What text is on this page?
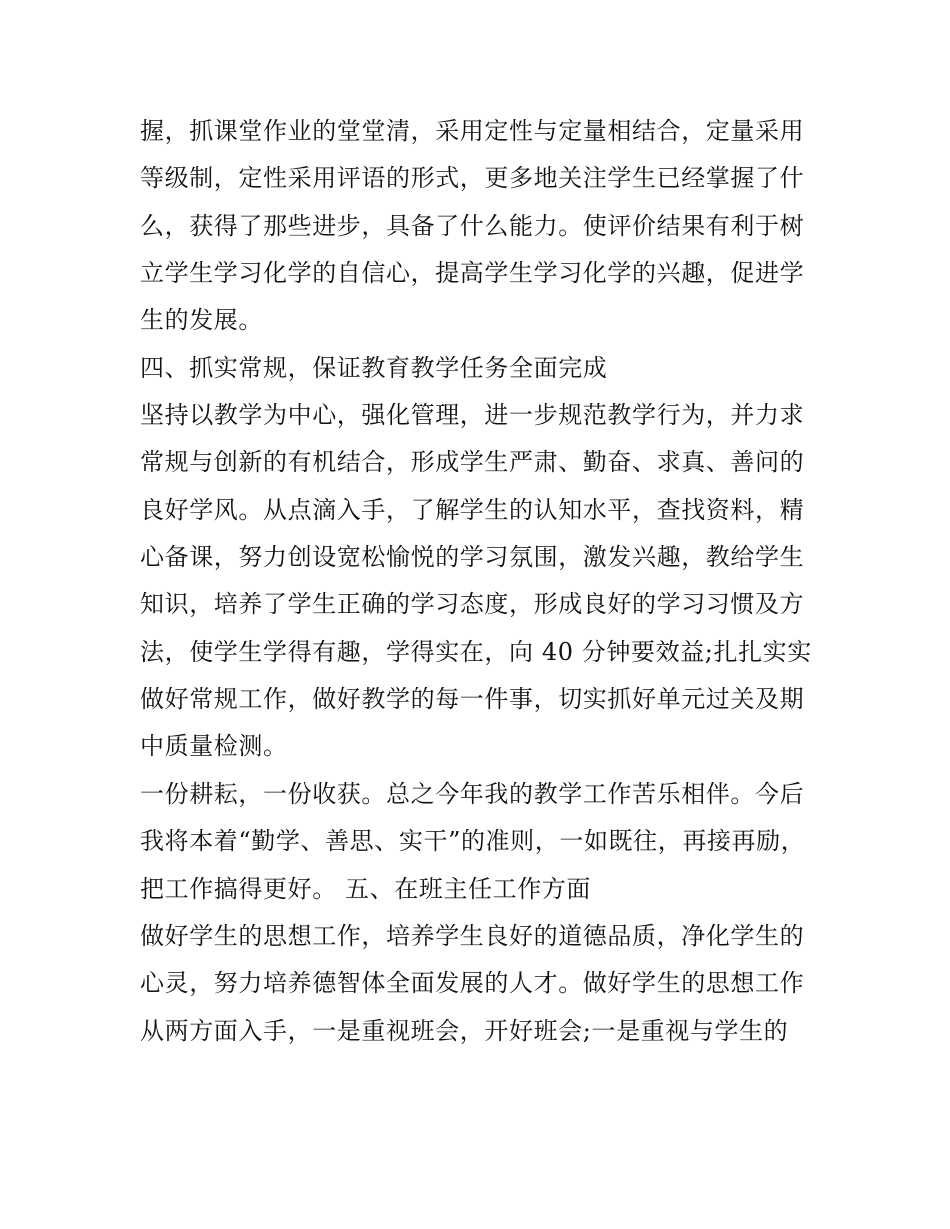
握，抓课堂作业的堂堂清，采用定性与定量相结合，定量采用
等级制，定性采用评语的形式，更多地关注学生已经掌握了什
么，获得了那些进步，具备了什么能力。使评价结果有利于树
立学生学习化学的自信心，提高学生学习化学的兴趣，促进学
生的发展。
四、抓实常规，保证教育教学任务全面完成
坚持以教学为中心，强化管理，进一步规范教学行为，并力求
常规与创新的有机结合，形成学生严肃、勤奋、求真、善问的
良好学风。从点滴入手，了解学生的认知水平，查找资料，精
心备课，努力创设宽松愉悦的学习氛围，激发兴趣，教给学生
知识，培养了学生正确的学习态度，形成良好的学习习惯及方
法，使学生学得有趣，学得实在，向 40 分钟要效益;扎扎实实
做好常规工作，做好教学的每一件事，切实抓好单元过关及期
中质量检测。
一份耕耘，一份收获。总之今年我的教学工作苦乐相伴。今后
我将本着“勤学、善思、实干”的准则，一如既往，再接再励，
把工作搞得更好。 五、在班主任工作方面
做好学生的思想工作，培养学生良好的道德品质，净化学生的
心灵，努力培养德智体全面发展的人才。做好学生的思想工作
从两方面入手，一是重视班会，开好班会;一是重视与学生的
